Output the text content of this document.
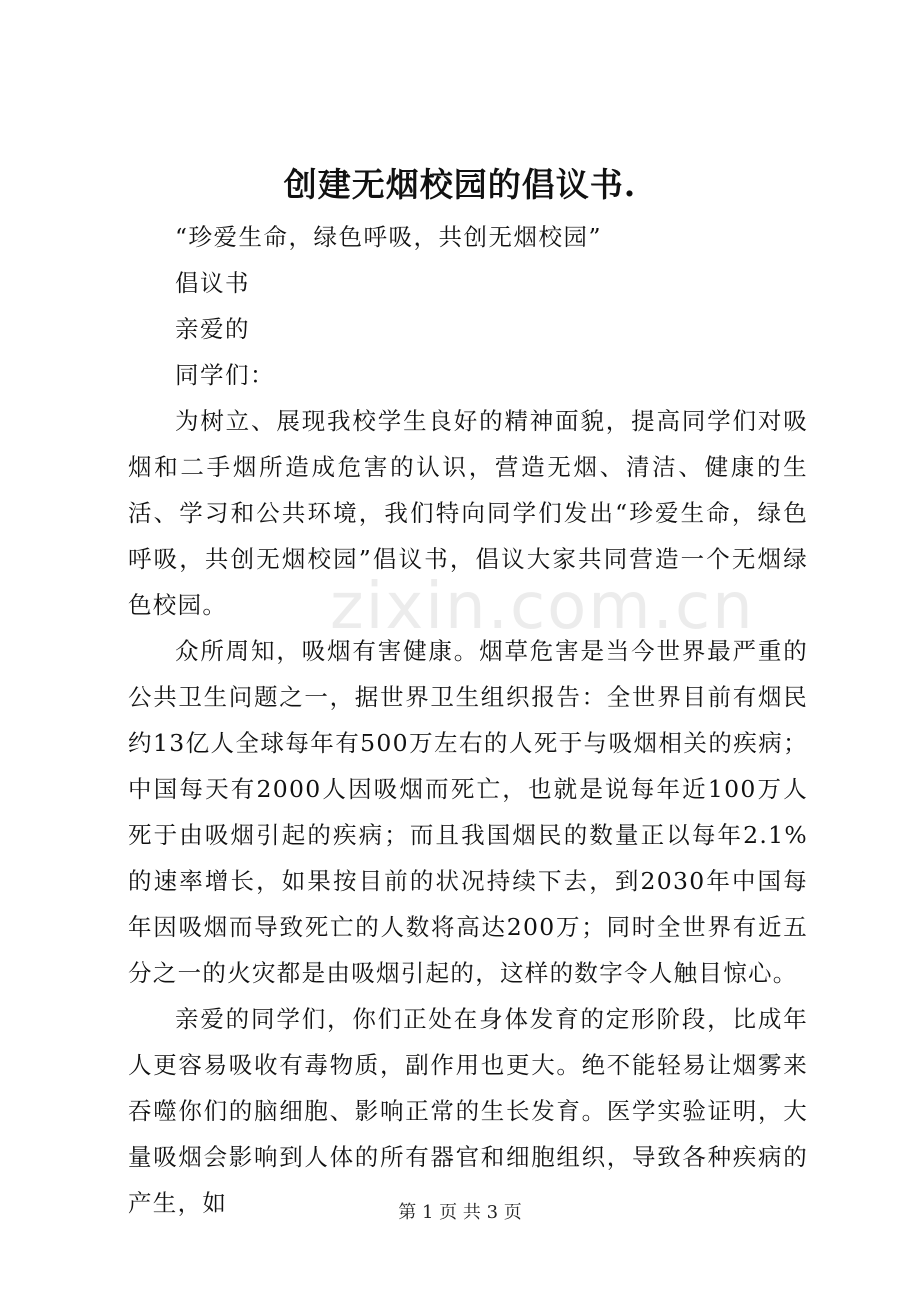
创建无烟校园的倡议书.

“珍爱生命，绿色呼吸，共创无烟校园”

倡议书

亲爱的

同学们：

为树立、展现我校学生良好的精神面貌，提高同学们对吸烟和二手烟所造成危害的认识，营造无烟、清洁、健康的生活、学习和公共环境，我们特向同学们发出“珍爱生命，绿色呼吸，共创无烟校园”倡议书，倡议大家共同营造一个无烟绿色校园。

众所周知，吸烟有害健康。烟草危害是当今世界最严重的公共卫生问题之一，据世界卫生组织报告：全世界目前有烟民约13亿人全球每年有500万左右的人死于与吸烟相关的疾病；中国每天有2000人因吸烟而死亡，也就是说每年近100万人死于由吸烟引起的疾病；而且我国烟民的数量正以每年2.1%的速率增长，如果按目前的状况持续下去，到2030年中国每年因吸烟而导致死亡的人数将高达200万；同时全世界有近五分之一的火灾都是由吸烟引起的，这样的数字令人触目惊心。

亲爱的同学们，你们正处在身体发育的定形阶段，比成年人更容易吸收有毒物质，副作用也更大。绝不能轻易让烟雾来吞噬你们的脑细胞、影响正常的生长发育。医学实验证明，大量吸烟会影响到人体的所有器官和细胞组织，导致各种疾病的产生，如

zixin.com.cn

第 1 页 共 3 页
